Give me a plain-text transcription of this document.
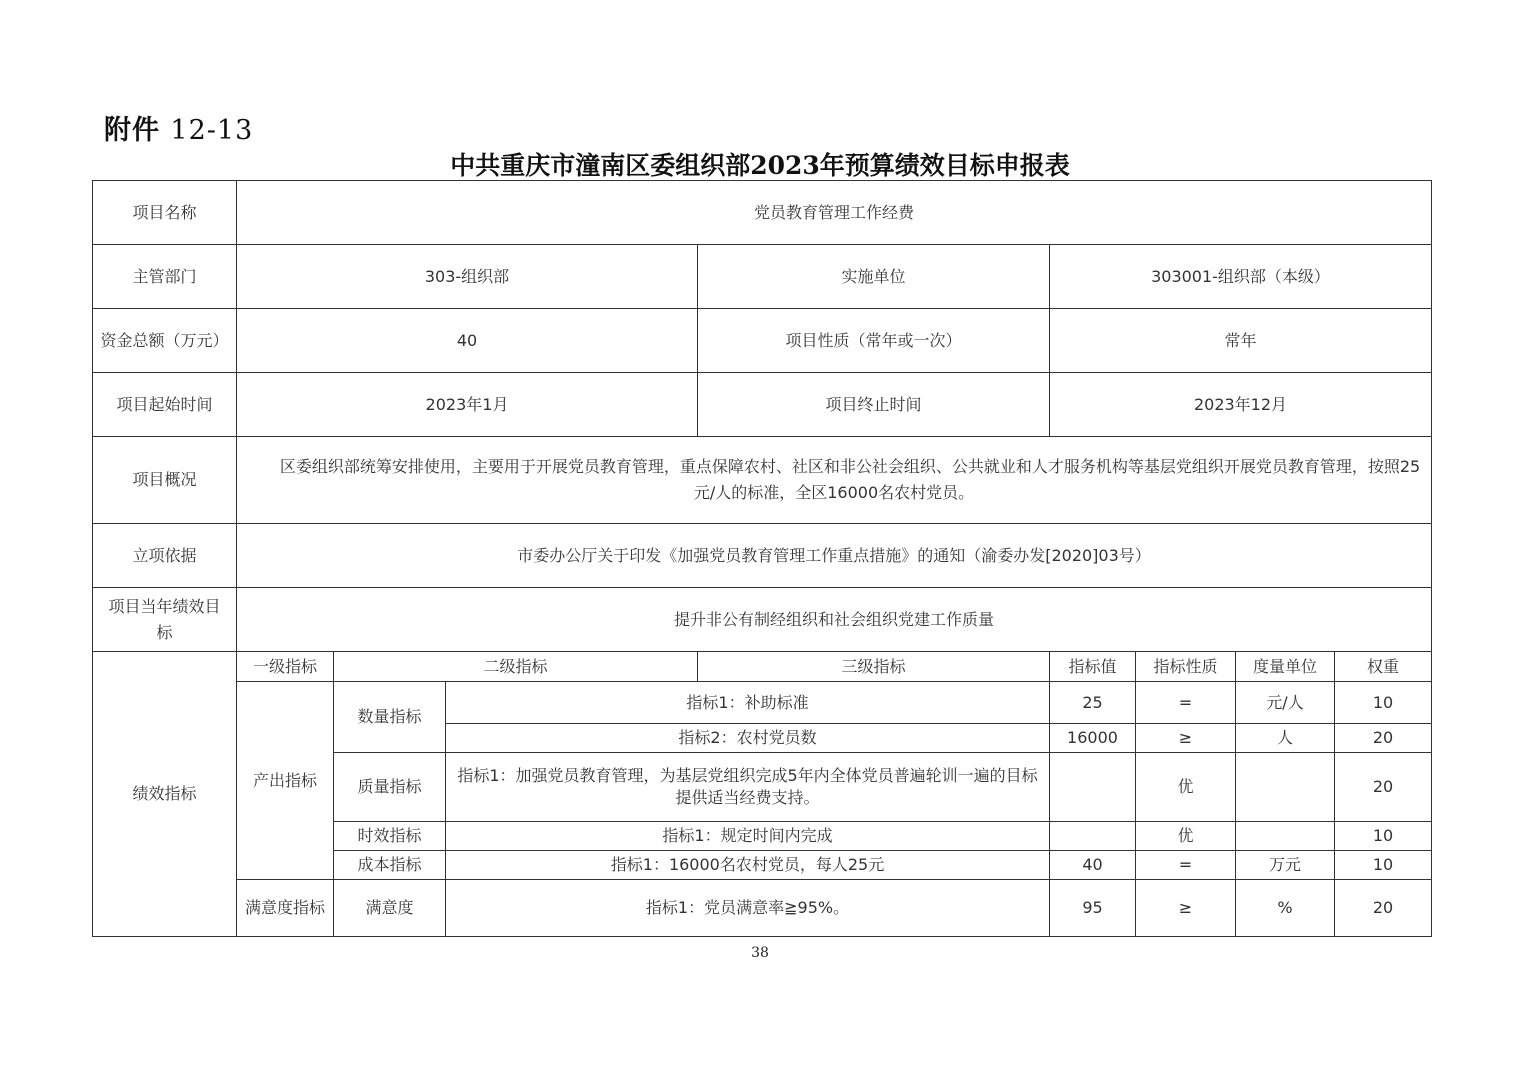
附件 12-13
中共重庆市潼南区委组织部2023年预算绩效目标申报表
项目名称	党员教育管理工作经费							
主管部门	303-组织部			实施单位	303001-组织部（本级）			
资金总额（万元）	40			项目性质（常年或一次）	常年			
项目起始时间	2023年1月			项目终止时间	2023年12月			
项目概况	区委组织部统筹安排使用，主要用于开展党员教育管理，重点保障农村、社区和非公社会组织、公共就业和人才服务机构等基层党组织开展党员教育管理，按照25元/人的标准，全区16000名农村党员。							

立项依据	市委办公厅关于印发《加强党员教育管理工作重点措施》的通知（渝委办发[2020]03号）							
项目当年绩效目标	提升非公有制经组织和社会组织党建工作质量							
绩效指标	一级指标	二级指标		三级指标	指标值	指标性质	度量单位	权重
	产出指标	数量指标	指标1：补助标准		25	=	元/人	10
			指标2：农村党员数		16000	≥	人	20
		质量指标	指标1：加强党员教育管理，为基层党组织完成5年内全体党员普遍轮训一遍的目标提供适当经费支持。			优		20
		时效指标	指标1：规定时间内完成			优		10
		成本指标	指标1：16000名农村党员，每人25元		40	=	万元	10
	满意度指标	满意度	指标1：党员满意率≧95%。		95	≥	%	20
38
